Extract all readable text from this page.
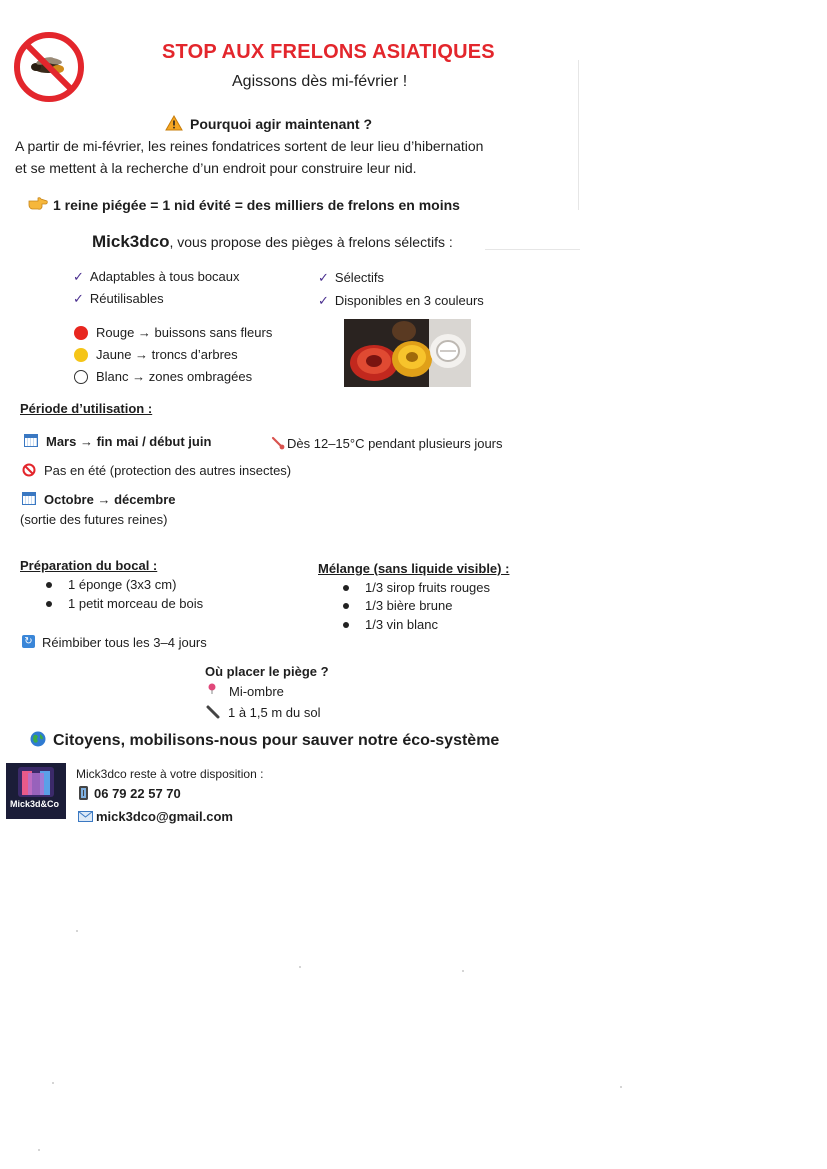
STOP AUX FRELONS ASIATIQUES
Agissons dès mi-février !
Pourquoi agir maintenant ?
A partir de mi-février, les reines fondatrices sortent de leur lieu d’hibernation
et se mettent à la recherche d’un endroit pour construire leur nid.
1 reine piégée = 1 nid évité = des milliers de frelons en moins
Mick3dco, vous propose des pièges à frelons sélectifs :
✓ Adaptables à tous bocaux
✓ Réutilisables
✓ Sélectifs
✓ Disponibles en 3 couleurs
Rouge → buissons sans fleurs
Jaune → troncs d’arbres
Blanc → zones ombragées
Période d’utilisation :
Mars → fin mai / début juin	Dès 12–15°C pendant plusieurs jours
Pas en été (protection des autres insectes)
Octobre → décembre
(sortie des futures reines)
Préparation du bocal :
1 éponge (3x3 cm)
1 petit morceau de bois
↻ Réimbiber tous les 3–4 jours
Mélange (sans liquide visible) :
1/3 sirop fruits rouges
1/3 bière brune
1/3 vin blanc
Où placer le piège ?
Mi-ombre
1 à 1,5 m du sol
Citoyens, mobilisons-nous pour sauver notre éco-système
Mick3d&Co
Mick3dco reste à votre disposition :
06 79 22 57 70
mick3dco@gmail.com
